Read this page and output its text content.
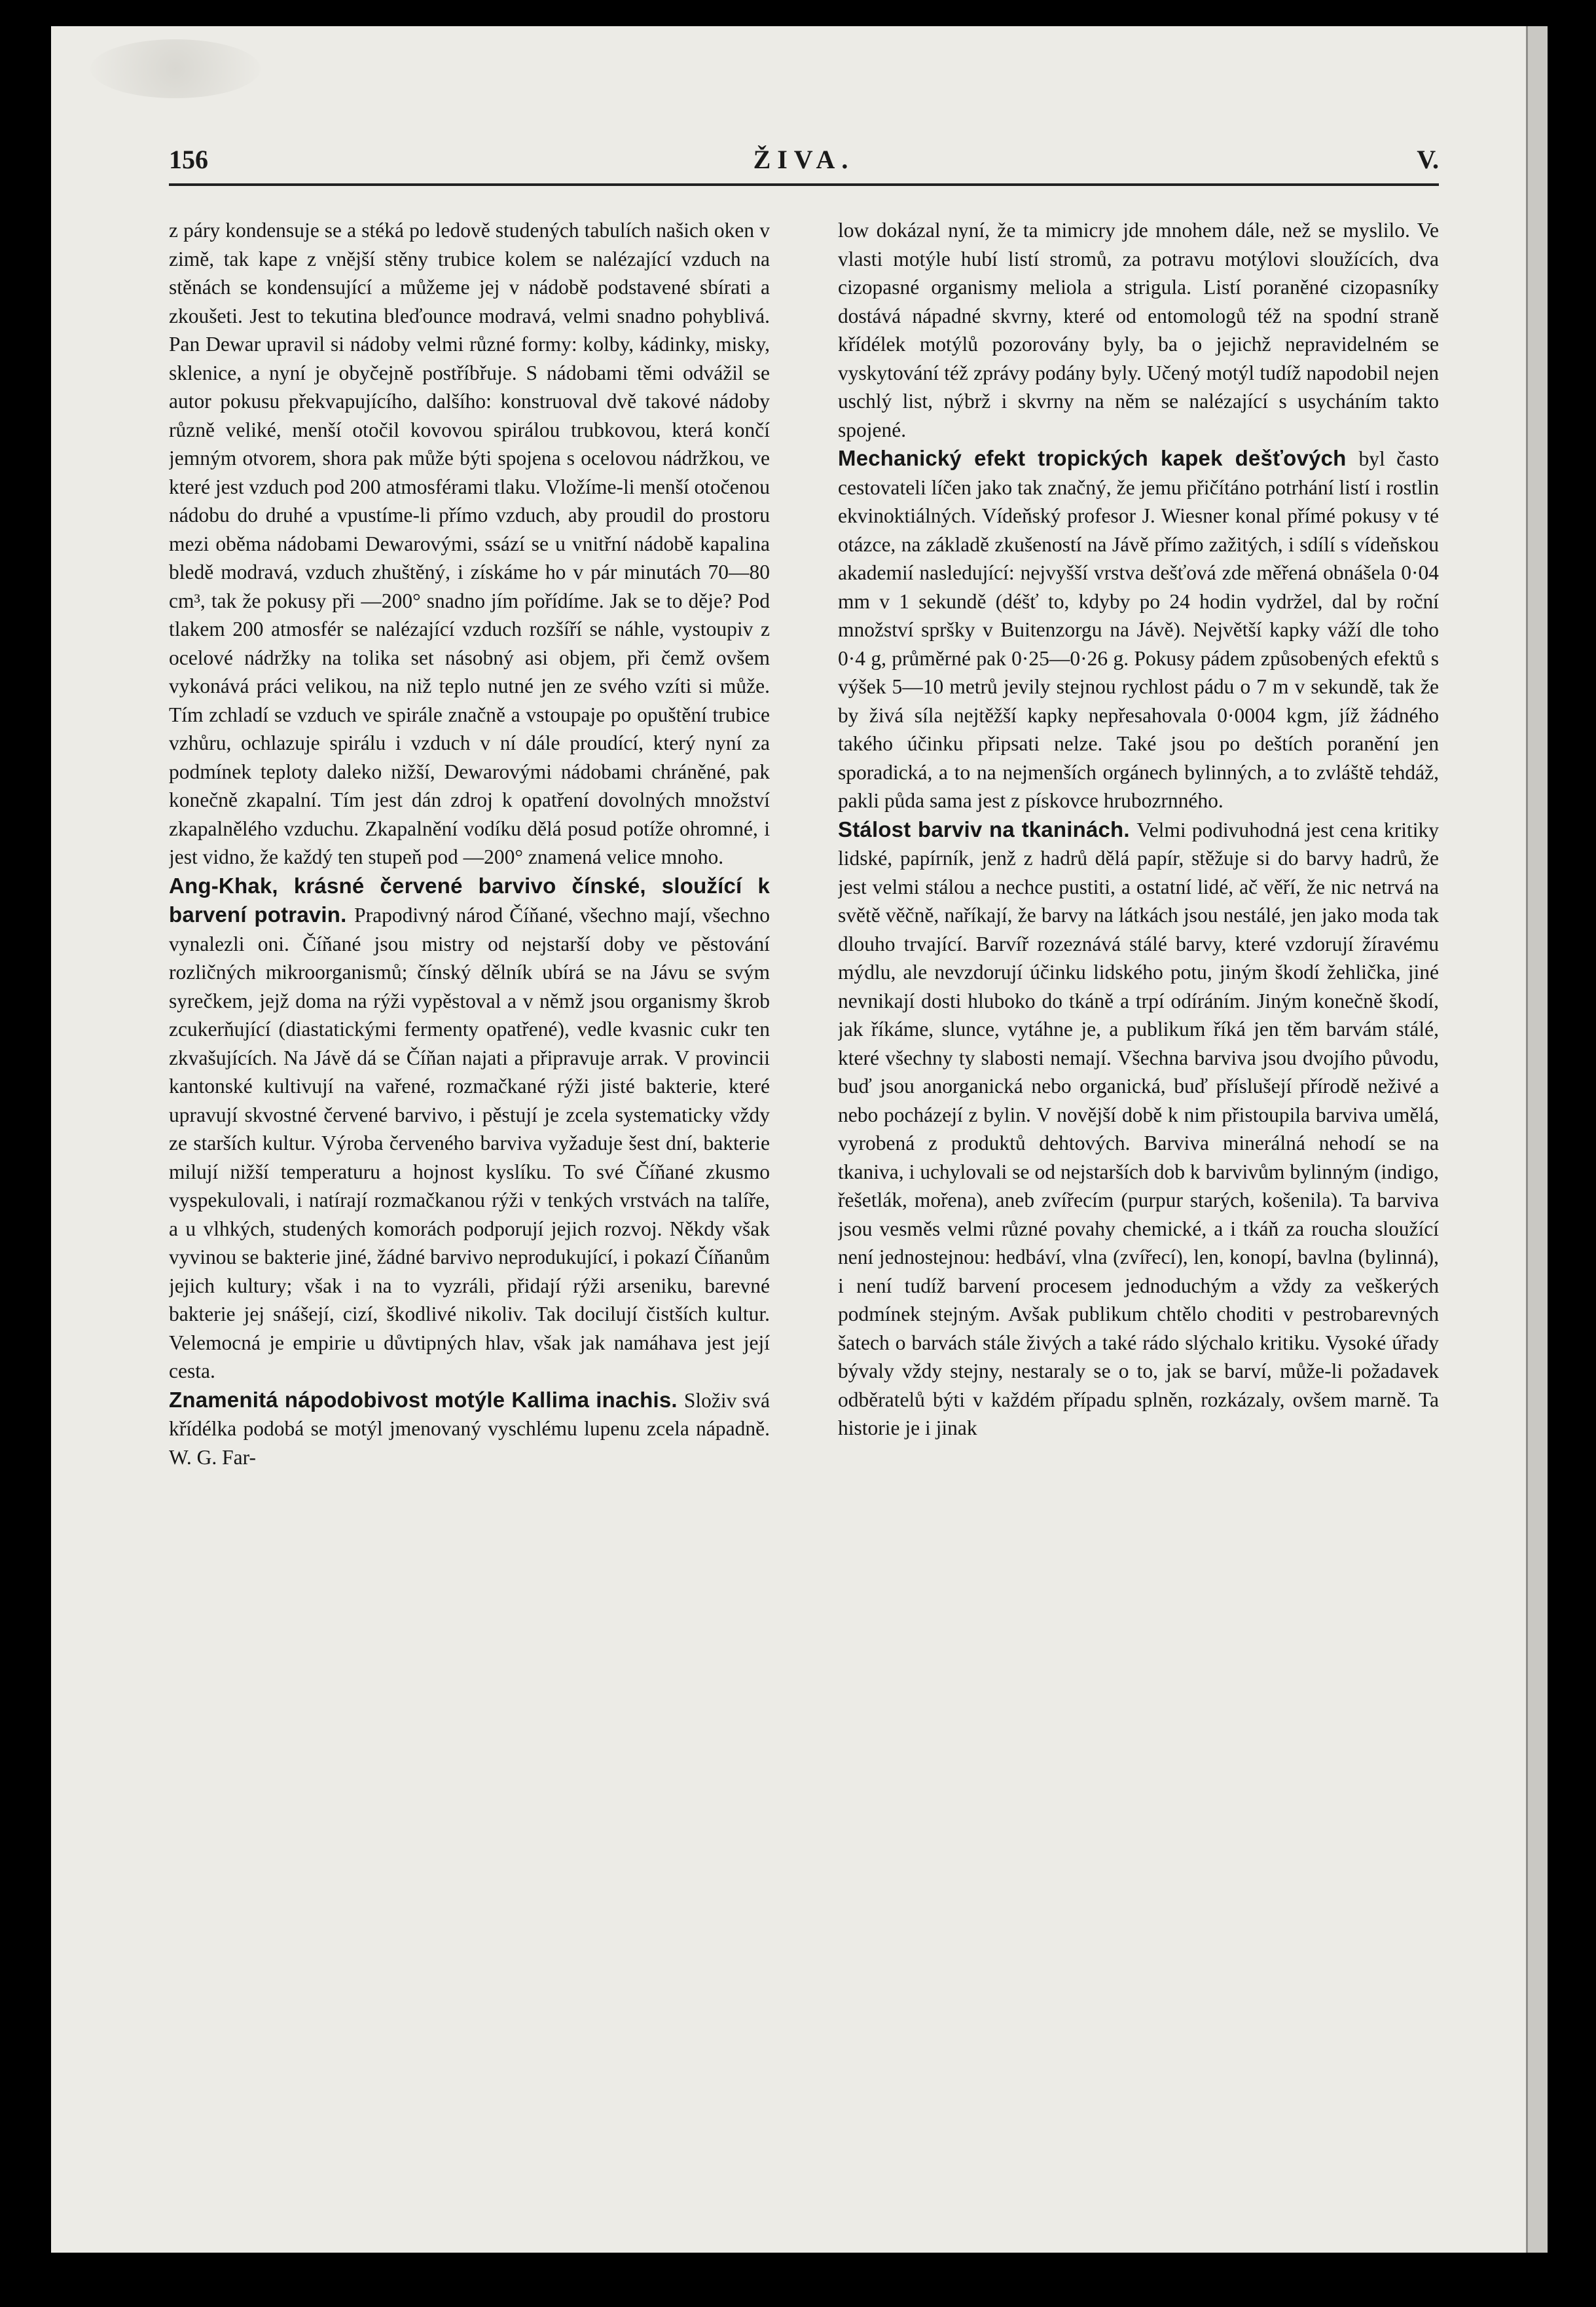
156	ŽIVA.	V.

z páry kondensuje se a stéká po ledově studených tabulích našich oken v zimě, tak kape z vnější stěny trubice kolem se nalézající vzduch na stěnách se kondensující a můžeme jej v nádobě podstavené sbírati a zkoušeti. Jest to tekutina bleďounce modravá, velmi snadno pohyblivá. Pan Dewar upravil si nádoby velmi různé formy: kolby, kádinky, misky, sklenice, a nyní je obyčejně postříbřuje. S nádobami těmi odvážil se autor pokusu překvapujícího, dalšího: konstruoval dvě takové nádoby různě veliké, menší otočil kovovou spirálou trubkovou, která končí jemným otvorem, shora pak může býti spojena s ocelovou nádržkou, ve které jest vzduch pod 200 atmosférami tlaku. Vložíme-li menší otočenou nádobu do druhé a vpustíme-li přímo vzduch, aby proudil do prostoru mezi oběma nádobami Dewarovými, ssází se u vnitřní nádobě kapalina bledě modravá, vzduch zhuštěný, i získáme ho v pár minutách 70—80 cm³, tak že pokusy při —200° snadno jím pořídíme. Jak se to děje? Pod tlakem 200 atmosfér se nalézající vzduch rozšíří se náhle, vystoupiv z ocelové nádržky na tolika set násobný asi objem, při čemž ovšem vykonává práci velikou, na niž teplo nutné jen ze svého vzíti si může. Tím zchladí se vzduch ve spirále značně a vstoupaje po opuštění trubice vzhůru, ochlazuje spirálu i vzduch v ní dále proudící, který nyní za podmínek teploty daleko nižší, Dewarovými nádobami chráněné, pak konečně zkapalní. Tím jest dán zdroj k opatření dovolných množství zkapalnělého vzduchu. Zkapalnění vodíku dělá posud potíže ohromné, i jest vidno, že každý ten stupeň pod —200° znamená velice mnoho.

Ang-Khak, krásné červené barvivo čínské, sloužící k barvení potravin. Prapodivný národ Číňané, všechno mají, všechno vynalezli oni. Číňané jsou mistry od nejstarší doby ve pěstování rozličných mikroorganismů; čínský dělník ubírá se na Jávu se svým syrečkem, jejž doma na rýži vypěstoval a v němž jsou organismy škrob zcukerňující (diastatickými fermenty opatřené), vedle kvasnic cukr ten zkvašujících. Na Jávě dá se Číňan najati a připravuje arrak. V provincii kantonské kultivují na vařené, rozmačkané rýži jisté bakterie, které upravují skvostné červené barvivo, i pěstují je zcela systematicky vždy ze starších kultur. Výroba červeného barviva vyžaduje šest dní, bakterie milují nižší temperaturu a hojnost kyslíku. To své Číňané zkusmo vyspekulovali, i natírají rozmačkanou rýži v tenkých vrstvách na talíře, a u vlhkých, studených komorách podporují jejich rozvoj. Někdy však vyvinou se bakterie jiné, žádné barvivo neprodukující, i pokazí Číňanům jejich kultury; však i na to vyzráli, přidají rýži arseniku, barevné bakterie jej snášejí, cizí, škodlivé nikoliv. Tak docilují čistších kultur. Velemocná je empirie u důvtipných hlav, však jak namáhava jest její cesta.

Znamenitá nápodobivost motýle Kallima inachis. Složiv svá křídélka podobá se motýl jmenovaný vyschlému lupenu zcela nápadně. W. G. Far-

low dokázal nyní, že ta mimicry jde mnohem dále, než se myslilo. Ve vlasti motýle hubí listí stromů, za potravu motýlovi sloužících, dva cizopasné organismy meliola a strigula. Listí poraněné cizopasníky dostává nápadné skvrny, které od entomologů též na spodní straně křídélek motýlů pozorovány byly, ba o jejichž nepravidelném se vyskytování též zprávy podány byly. Učený motýl tudíž napodobil nejen uschlý list, nýbrž i skvrny na něm se nalézající s usycháním takto spojené.

Mechanický efekt tropických kapek dešťových byl často cestovateli líčen jako tak značný, že jemu přičítáno potrhání listí i rostlin ekvinoktiálných. Vídeňský profesor J. Wiesner konal přímé pokusy v té otázce, na základě zkušeností na Jávě přímo zažitých, i sdílí s vídeňskou akademií nasledující: nejvyšší vrstva dešťová zde měřená obnášela 0·04 mm v 1 sekundě (déšť to, kdyby po 24 hodin vydržel, dal by roční množství spršky v Buitenzorgu na Jávě). Největší kapky váží dle toho 0·4 g, průměrné pak 0·25—0·26 g. Pokusy pádem způsobených efektů s výšek 5—10 metrů jevily stejnou rychlost pádu o 7 m v sekundě, tak že by živá síla nejtěžší kapky nepřesahovala 0·0004 kgm, jíž žádného takého účinku připsati nelze. Také jsou po deštích poranění jen sporadická, a to na nejmenších orgánech bylinných, a to zvláště tehdáž, pakli půda sama jest z pískovce hrubozrnného.

Stálost barviv na tkaninách. Velmi podivuhodná jest cena kritiky lidské, papírník, jenž z hadrů dělá papír, stěžuje si do barvy hadrů, že jest velmi stálou a nechce pustiti, a ostatní lidé, ač věří, že nic netrvá na světě věčně, naříkají, že barvy na látkách jsou nestálé, jen jako moda tak dlouho trvající. Barvíř rozeznává stálé barvy, které vzdorují žíravému mýdlu, ale nevzdorují účinku lidského potu, jiným škodí žehlička, jiné nevnikají dosti hluboko do tkáně a trpí odíráním. Jiným konečně škodí, jak říkáme, slunce, vytáhne je, a publikum říká jen těm barvám stálé, které všechny ty slabosti nemají. Všechna barviva jsou dvojího původu, buď jsou anorganická nebo organická, buď příslušejí přírodě neživé a nebo pocházejí z bylin. V novější době k nim přistoupila barviva umělá, vyrobená z produktů dehtových. Barviva minerálná nehodí se na tkaniva, i uchylovali se od nejstarších dob k barvivům bylinným (indigo, řešetlák, mořena), aneb zvířecím (purpur starých, košenila). Ta barviva jsou vesměs velmi různé povahy chemické, a i tkáň za roucha sloužící není jednostejnou: hedbáví, vlna (zvířecí), len, konopí, bavlna (bylinná), i není tudíž barvení procesem jednoduchým a vždy za veškerých podmínek stejným. Avšak publikum chtělo choditi v pestrobarevných šatech o barvách stále živých a také rádo slýchalo kritiku. Vysoké úřady bývaly vždy stejny, nestaraly se o to, jak se barví, může-li požadavek odběratelů býti v každém případu splněn, rozkázaly, ovšem marně. Ta historie je i jinak
